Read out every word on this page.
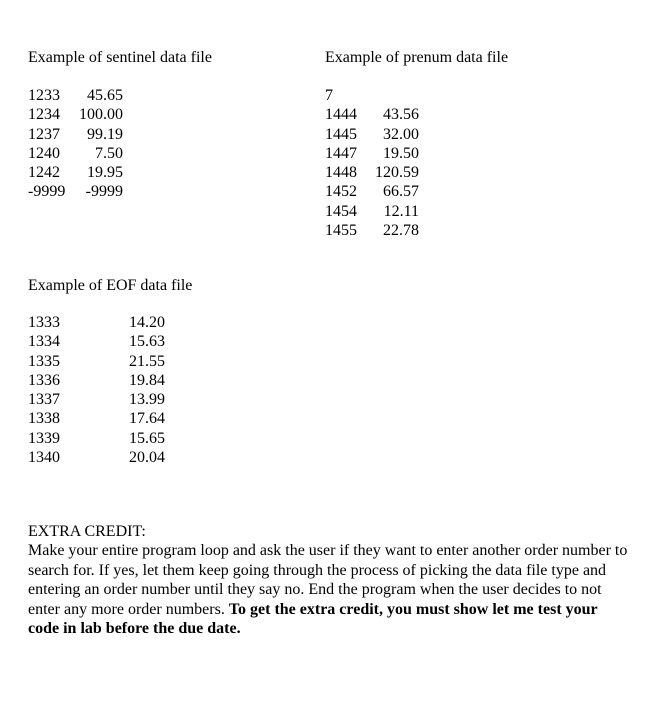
Example of sentinel data file
1233	45.65
1234 100.00
1237	99.19
1240	7.50
1242	19.95
-9999	-9999
Example of prenum data file
7
1444	43.56
1445	32.00
1447	19.50
1448 120.59
1452	66.57
1454	12.11
1455	22.78
Example of EOF data file
1333	14.20
1334	15.63
1335	21.55
1336	19.84
1337	13.99
1338	17.64
1339	15.65
1340	20.04

EXTRA CREDIT:

Make your entire program loop and ask the user if they want to enter another order number to search for. If yes, let them keep going through the process of picking the data file type and entering an order number until they say no. End the program when the user decides to not enter any more order numbers. To get the extra credit, you must show let me test your code in lab before the due date.
